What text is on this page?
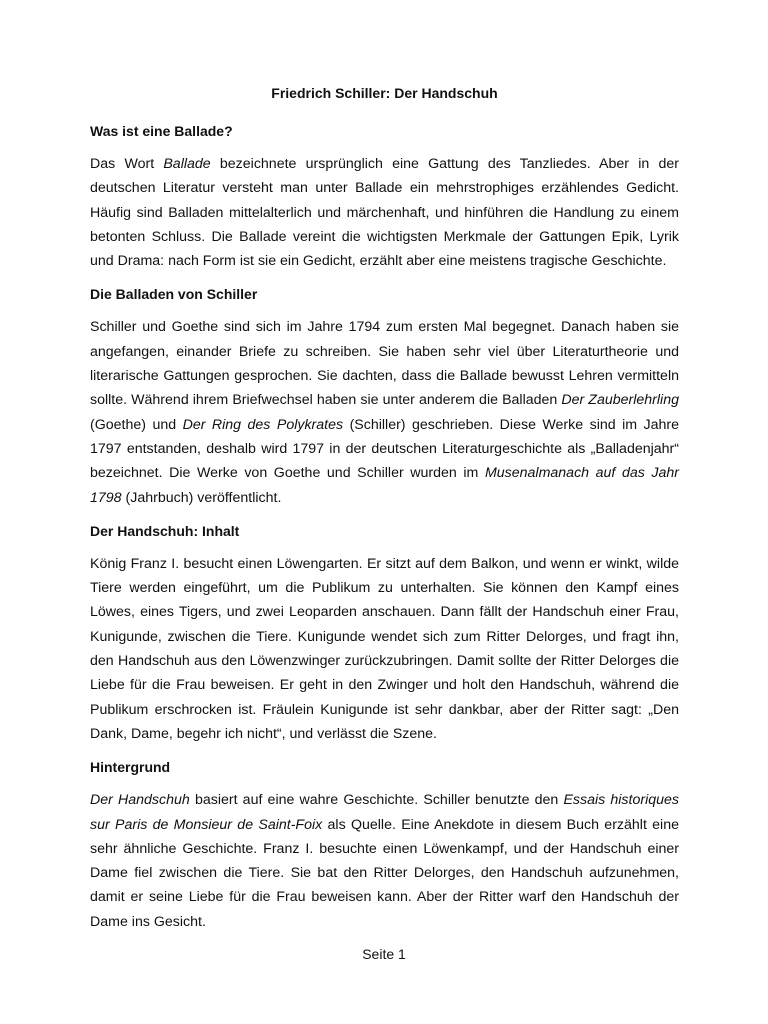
Friedrich Schiller: Der Handschuh
Was ist eine Ballade?

Das Wort Ballade bezeichnete ursprünglich eine Gattung des Tanzliedes. Aber in der deutschen Literatur versteht man unter Ballade ein mehrstrophiges erzählendes Gedicht. Häufig sind Balladen mittelalterlich und märchenhaft, und hinführen die Handlung zu einem betonten Schluss. Die Ballade vereint die wichtigsten Merkmale der Gattungen Epik, Lyrik und Drama: nach Form ist sie ein Gedicht, erzählt aber eine meistens tragische Geschichte.

Die Balladen von Schiller

Schiller und Goethe sind sich im Jahre 1794 zum ersten Mal begegnet. Danach haben sie angefangen, einander Briefe zu schreiben. Sie haben sehr viel über Literaturtheorie und literarische Gattungen gesprochen. Sie dachten, dass die Ballade bewusst Lehren vermitteln sollte. Während ihrem Briefwechsel haben sie unter anderem die Balladen Der Zauberlehrling (Goethe) und Der Ring des Polykrates (Schiller) geschrieben. Diese Werke sind im Jahre 1797 entstanden, deshalb wird 1797 in der deutschen Literaturgeschichte als „Balladenjahr“ bezeichnet. Die Werke von Goethe und Schiller wurden im Musenalmanach auf das Jahr 1798 (Jahrbuch) veröffentlicht.

Der Handschuh: Inhalt

König Franz I. besucht einen Löwengarten. Er sitzt auf dem Balkon, und wenn er winkt, wilde Tiere werden eingeführt, um die Publikum zu unterhalten. Sie können den Kampf eines Löwes, eines Tigers, und zwei Leoparden anschauen. Dann fällt der Handschuh einer Frau, Kunigunde, zwischen die Tiere. Kunigunde wendet sich zum Ritter Delorges, und fragt ihn, den Handschuh aus den Löwenzwinger zurückzubringen. Damit sollte der Ritter Delorges die Liebe für die Frau beweisen. Er geht in den Zwinger und holt den Handschuh, während die Publikum erschrocken ist. Fräulein Kunigunde ist sehr dankbar, aber der Ritter sagt: „Den Dank, Dame, begehr ich nicht“, und verlässt die Szene.

Hintergrund

Der Handschuh basiert auf eine wahre Geschichte. Schiller benutzte den Essais historiques sur Paris de Monsieur de Saint-Foix als Quelle. Eine Anekdote in diesem Buch erzählt eine sehr ähnliche Geschichte. Franz I. besuchte einen Löwenkampf, und der Handschuh einer Dame fiel zwischen die Tiere. Sie bat den Ritter Delorges, den Handschuh aufzunehmen, damit er seine Liebe für die Frau beweisen kann. Aber der Ritter warf den Handschuh der Dame ins Gesicht.

Seite 1
